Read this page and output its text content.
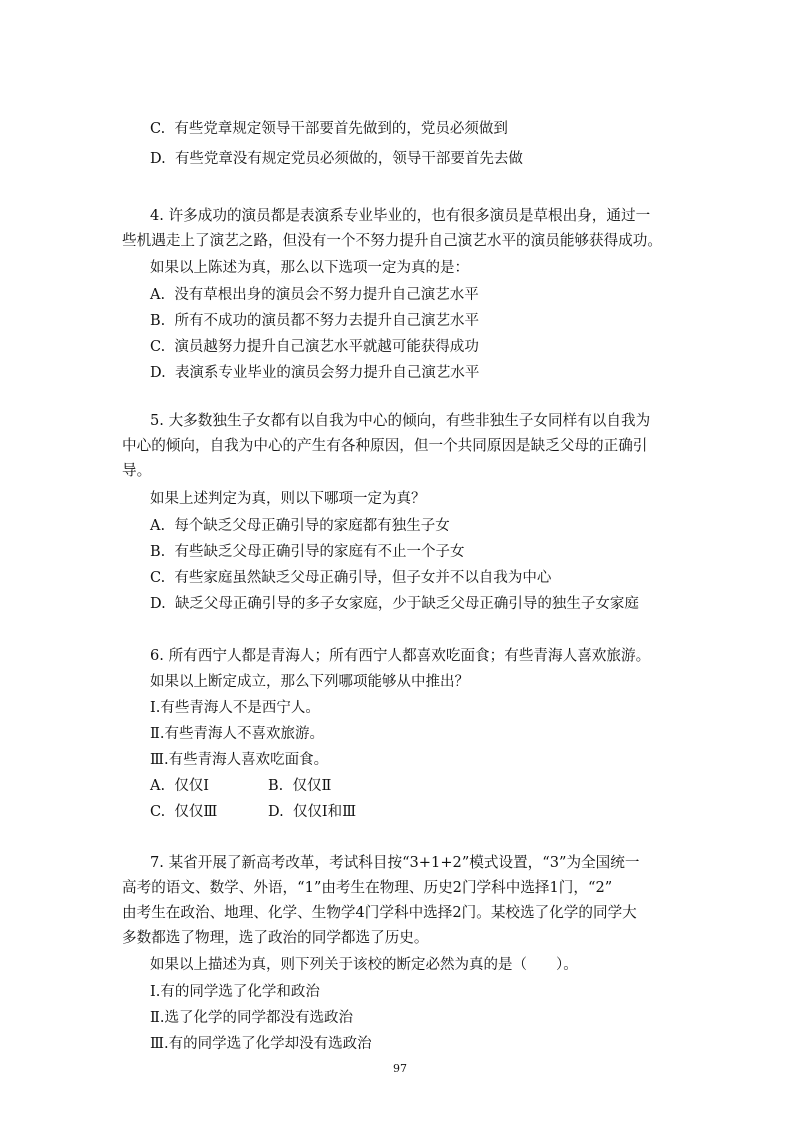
C. 有些党章规定领导干部要首先做到的，党员必须做到
D. 有些党章没有规定党员必须做的，领导干部要首先去做
4. 许多成功的演员都是表演系专业毕业的，也有很多演员是草根出身，通过一
些机遇走上了演艺之路，但没有一个不努力提升自己演艺水平的演员能够获得成功。
如果以上陈述为真，那么以下选项一定为真的是：
A. 没有草根出身的演员会不努力提升自己演艺水平
B. 所有不成功的演员都不努力去提升自己演艺水平
C. 演员越努力提升自己演艺水平就越可能获得成功
D. 表演系专业毕业的演员会努力提升自己演艺水平
5. 大多数独生子女都有以自我为中心的倾向，有些非独生子女同样有以自我为
中心的倾向，自我为中心的产生有各种原因，但一个共同原因是缺乏父母的正确引
导。
如果上述判定为真，则以下哪项一定为真？
A. 每个缺乏父母正确引导的家庭都有独生子女
B. 有些缺乏父母正确引导的家庭有不止一个子女
C. 有些家庭虽然缺乏父母正确引导，但子女并不以自我为中心
D. 缺乏父母正确引导的多子女家庭，少于缺乏父母正确引导的独生子女家庭
6. 所有西宁人都是青海人；所有西宁人都喜欢吃面食；有些青海人喜欢旅游。
如果以上断定成立，那么下列哪项能够从中推出？
Ⅰ.有些青海人不是西宁人。
Ⅱ.有些青海人不喜欢旅游。
Ⅲ.有些青海人喜欢吃面食。
A. 仅仅Ⅰ	B. 仅仅Ⅱ
C. 仅仅Ⅲ	D. 仅仅Ⅰ和Ⅲ
7. 某省开展了新高考改革，考试科目按“3+1+2”模式设置，“3”为全国统一
高考的语文、数学、外语，“1”由考生在物理、历史2门学科中选择1门，“2”
由考生在政治、地理、化学、生物学4门学科中选择2门。某校选了化学的同学大
多数都选了物理，选了政治的同学都选了历史。
如果以上描述为真，则下列关于该校的断定必然为真的是（　　）。
Ⅰ.有的同学选了化学和政治
Ⅱ.选了化学的同学都没有选政治
Ⅲ.有的同学选了化学却没有选政治
97
